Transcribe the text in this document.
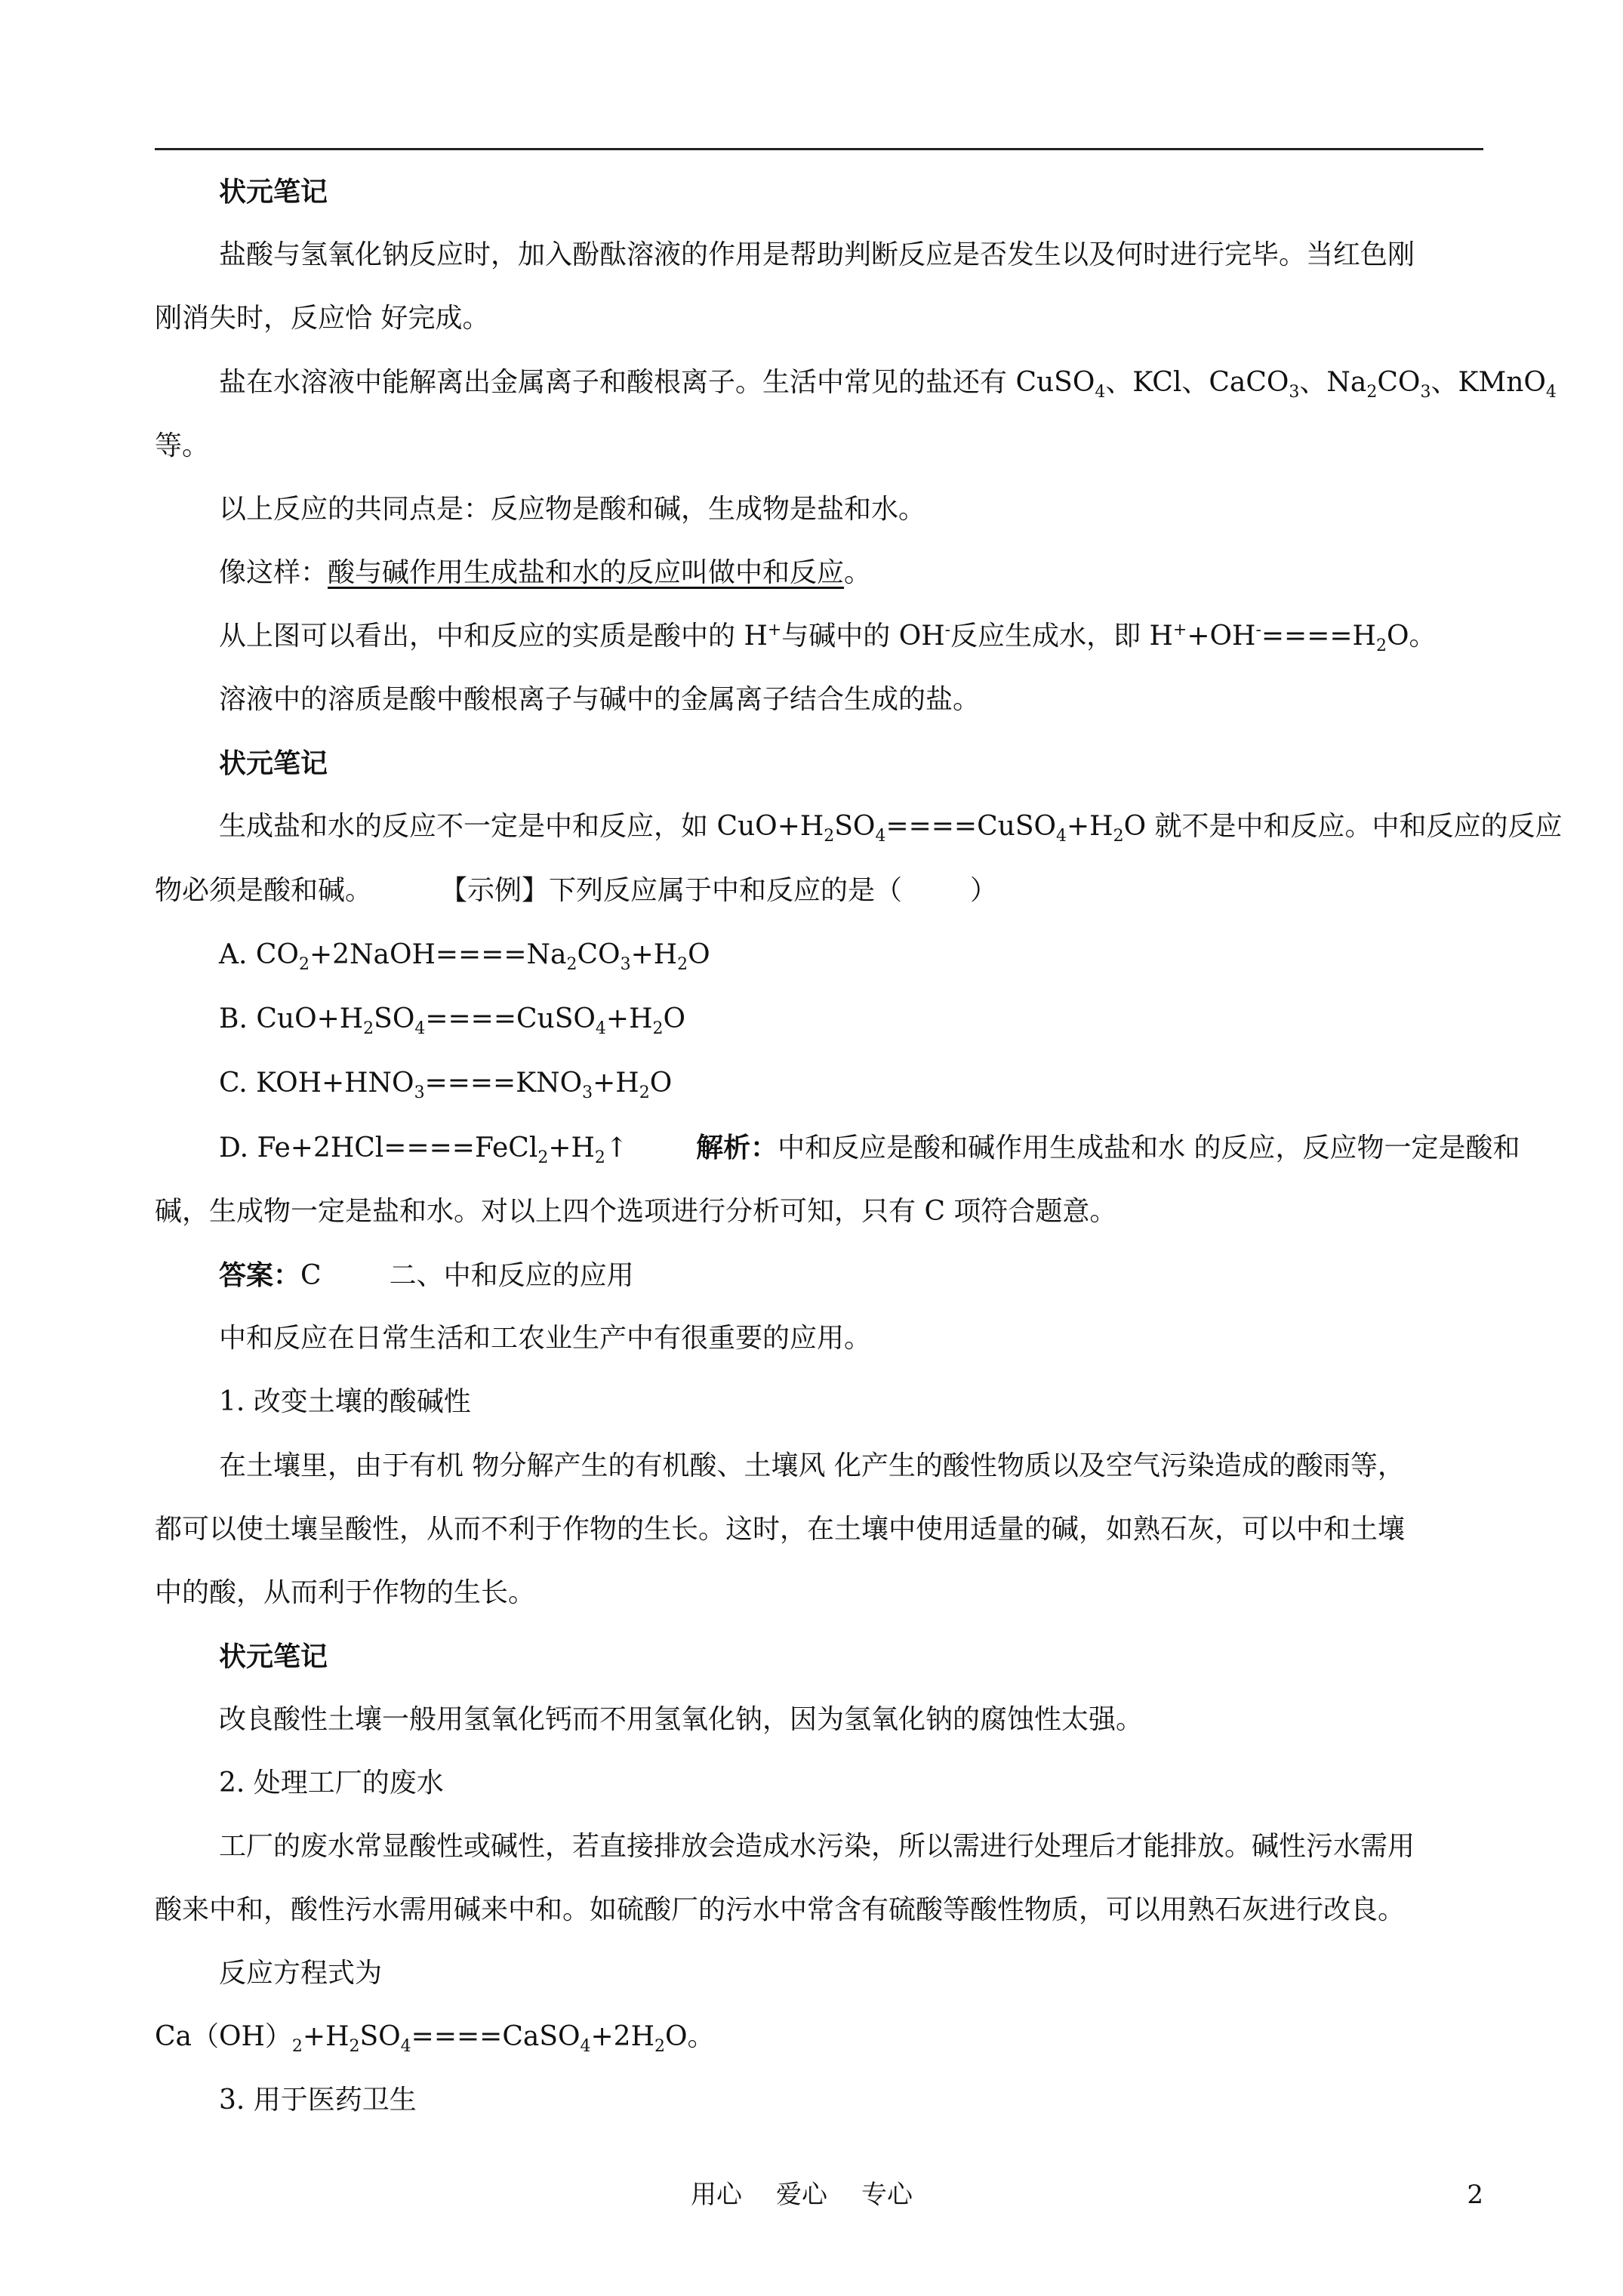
状元笔记
盐酸与氢氧化钠反应时，加入酚酞溶液的作用是帮助判断反应是否发生以及何时进行完毕。当红色刚
刚消失时，反应恰 好完成。
盐在水溶液中能解离出金属离子和酸根离子。生活中常见的盐还有 CuSO$_4$、KCl、CaCO$_3$、$Na_2CO_3$、KMnO$_4$
等。
以上反应的共同点是：反应物是酸和碱，生成物是盐和水。
像这样：酸与碱作用生成盐和水的反应叫做中和反应。
从上图可以看出，中和反应的实质是酸中的 H+与碱中的 OH-反应生成水，即 $H^++OH^-====H_2O$。
溶液中的溶质是酸中酸根离子与碱中的金属离子结合生成的盐。
状元笔记
生成盐和水的反应不一定是中和反应，如 $CuO+H_2SO_4====CuSO_4+H_2O$ 就不是中和反应。中和反应的反应
物必须是酸和碱。	【示例】下列反应属于中和反应的是（	）
A. $CO_2+2NaOH====Na_2CO_3+H_2O$
B. $CuO+H_2SO_4====CuSO_4+H_2O$
C. $KOH+HNO_3====KNO_3+H_2O$
D. $Fe+2HCl====FeCl_2+H_2↑$	解析：中和反应是酸和碱作用生成盐和水 的反应，反应物一定是酸和
碱，生成物一定是盐和水。对以上四个选项进行分析可知，只有 C 项符合题意。
答案：C	二、中和反应的应用
中和反应在日常生活和工农业生产中有很重要的应用。
1. 改变土壤的酸碱性
在土壤里，由于有机 物分解产生的有机酸、土壤风 化产生的酸性物质以及空气污染造成的酸雨等，
都可以使土壤呈酸性，从而不利于作物的生长。这时，在土壤中使用适量的碱，如熟石灰，可以中和土壤
中的酸，从而利于作物的生长。
状元笔记
改良酸性土壤一般用氢氧化钙而不用氢氧化钠，因为氢氧化钠的腐蚀性太强。
2. 处理工厂的废水
工厂的废水常显酸性或碱性，若直接排放会造成水污染，所以需进行处理后才能排放。碱性污水需用
酸来中和，酸性污水需用碱来中和。如硫酸厂的污水中常含有硫酸等酸性物质，可以用熟石灰进行改良。
反应方程式为
$Ca(OH)_2+H_2SO_4====CaSO_4+2H_2O$。
3. 用于医药卫生
用心 爱心 专心	2
